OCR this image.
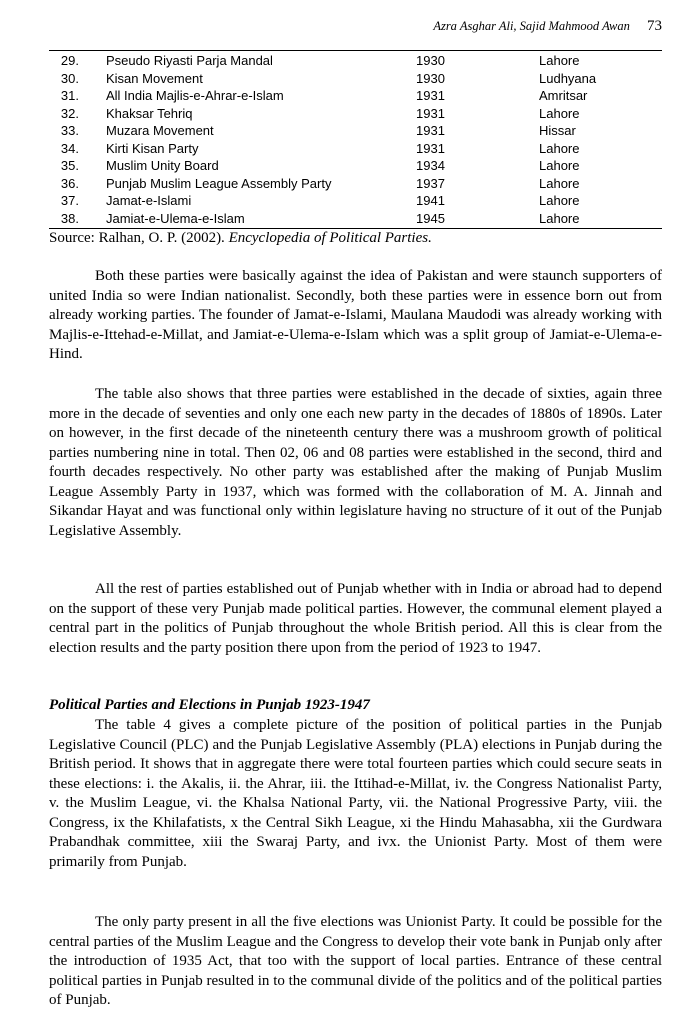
Azra Asghar Ali, Sajid Mahmood Awan 73
29.	Pseudo Riyasti Parja Mandal	1930	Lahore
30.	Kisan Movement	1930	Ludhyana
31.	All India Majlis-e-Ahrar-e-Islam	1931	Amritsar
32.	Khaksar Tehriq	1931	Lahore
33.	Muzara Movement	1931	Hissar
34.	Kirti Kisan Party	1931	Lahore
35.	Muslim Unity Board	1934	Lahore
36.	Punjab Muslim League Assembly Party	1937	Lahore
37.	Jamat-e-Islami	1941	Lahore
38.	Jamiat-e-Ulema-e-Islam	1945	Lahore
Source: Ralhan, O. P. (2002). Encyclopedia of Political Parties.

Both these parties were basically against the idea of Pakistan and were staunch supporters of united India so were Indian nationalist. Secondly, both these parties were in essence born out from already working parties. The founder of Jamat-e-Islami, Maulana Maudodi was already working with Majlis-e-Ittehad-e-Millat, and Jamiat-e-Ulema-e-Islam which was a split group of Jamiat-e-Ulema-e-Hind.

The table also shows that three parties were established in the decade of sixties, again three more in the decade of seventies and only one each new party in the decades of 1880s of 1890s. Later on however, in the first decade of the nineteenth century there was a mushroom growth of political parties numbering nine in total. Then 02, 06 and 08 parties were established in the second, third and fourth decades respectively. No other party was established after the making of Punjab Muslim League Assembly Party in 1937, which was formed with the collaboration of M. A. Jinnah and Sikandar Hayat and was functional only within legislature having no structure of it out of the Punjab Legislative Assembly.

All the rest of parties established out of Punjab whether with in India or abroad had to depend on the support of these very Punjab made political parties. However, the communal element played a central part in the politics of Punjab throughout the whole British period. All this is clear from the election results and the party position there upon from the period of 1923 to 1947.

Political Parties and Elections in Punjab 1923-1947

The table 4 gives a complete picture of the position of political parties in the Punjab Legislative Council (PLC) and the Punjab Legislative Assembly (PLA) elections in Punjab during the British period. It shows that in aggregate there were total fourteen parties which could secure seats in these elections: i. the Akalis, ii. the Ahrar, iii. the Ittihad-e-Millat, iv. the Congress Nationalist Party, v. the Muslim League, vi. the Khalsa National Party, vii. the National Progressive Party, viii. the Congress, ix the Khilafatists, x the Central Sikh League, xi the Hindu Mahasabha, xii the Gurdwara Prabandhak committee, xiii the Swaraj Party, and ivx. the Unionist Party. Most of them were primarily from Punjab.

The only party present in all the five elections was Unionist Party. It could be possible for the central parties of the Muslim League and the Congress to develop their vote bank in Punjab only after the introduction of 1935 Act, that too with the support of local parties. Entrance of these central political parties in Punjab resulted in to the communal divide of the politics and of the political parties of Punjab.
